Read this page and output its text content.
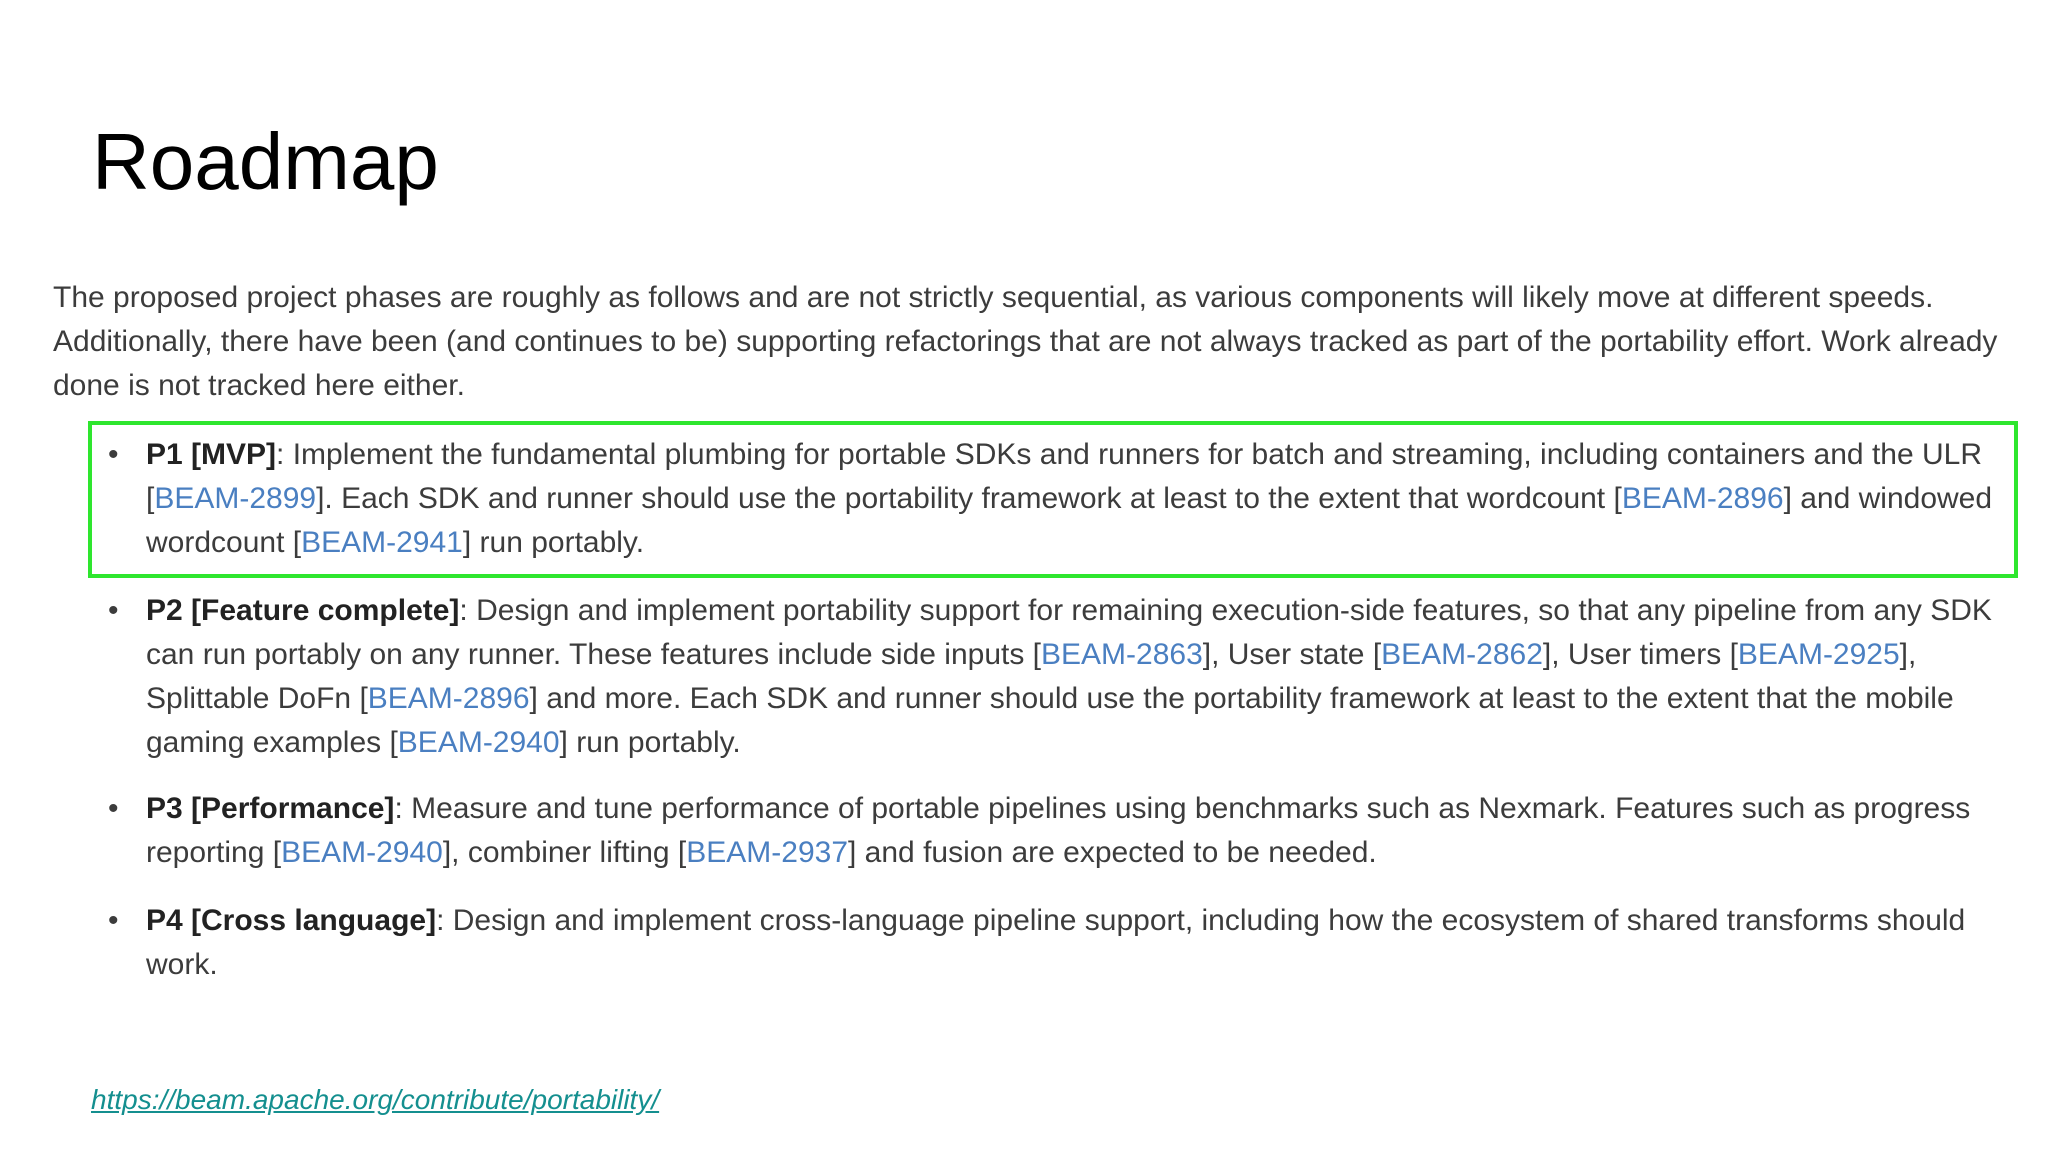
Roadmap

The proposed project phases are roughly as follows and are not strictly sequential, as various components will likely move at different speeds. Additionally, there have been (and continues to be) supporting refactorings that are not always tracked as part of the portability effort. Work already done is not tracked here either.

• P1 [MVP]: Implement the fundamental plumbing for portable SDKs and runners for batch and streaming, including containers and the ULR [BEAM-2899]. Each SDK and runner should use the portability framework at least to the extent that wordcount [BEAM-2896] and windowed wordcount [BEAM-2941] run portably.
• P2 [Feature complete]: Design and implement portability support for remaining execution-side features, so that any pipeline from any SDK can run portably on any runner. These features include side inputs [BEAM-2863], User state [BEAM-2862], User timers [BEAM-2925], Splittable DoFn [BEAM-2896] and more. Each SDK and runner should use the portability framework at least to the extent that the mobile gaming examples [BEAM-2940] run portably.
• P3 [Performance]: Measure and tune performance of portable pipelines using benchmarks such as Nexmark. Features such as progress reporting [BEAM-2940], combiner lifting [BEAM-2937] and fusion are expected to be needed.
• P4 [Cross language]: Design and implement cross-language pipeline support, including how the ecosystem of shared transforms should work.
https://beam.apache.org/contribute/portability/
